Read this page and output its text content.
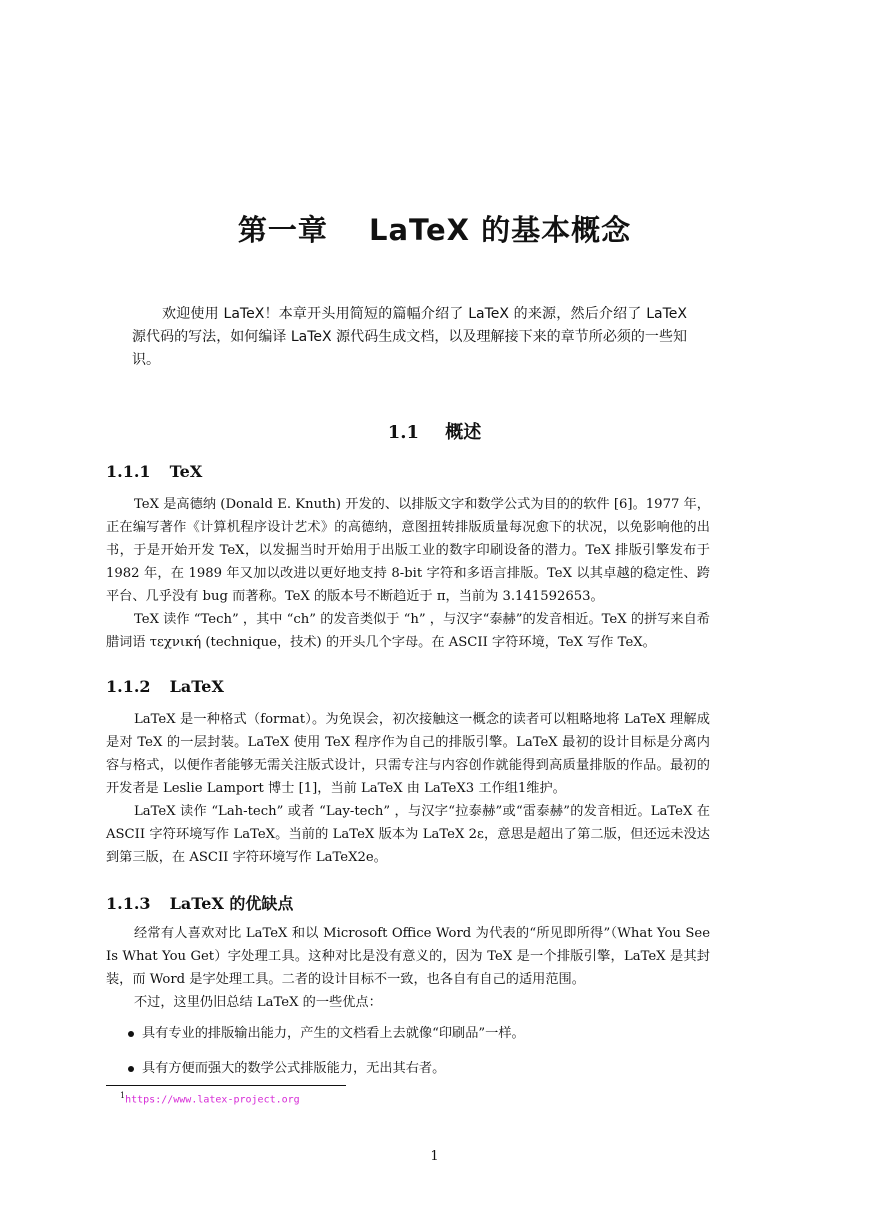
第一章 LaTeX 的基本概念
欢迎使用 LaTeX！本章开头用简短的篇幅介绍了 LaTeX 的来源，然后介绍了 LaTeX 源代码的写法，如何编译 LaTeX 源代码生成文档，以及理解接下来的章节所必须的一些知识。
1.1 概述
1.1.1 TeX

TeX 是高德纳 (Donald E. Knuth) 开发的、以排版文字和数学公式为目的的软件 [6]。1977 年，正在编写著作《计算机程序设计艺术》的高德纳，意图扭转排版质量每况愈下的状况，以免影响他的出书，于是开始开发 TeX，以发掘当时开始用于出版工业的数字印刷设备的潜力。TeX 排版引擎发布于 1982 年，在 1989 年又加以改进以更好地支持 8-bit 字符和多语言排版。TeX 以其卓越的稳定性、跨平台、几乎没有 bug 而著称。TeX 的版本号不断趋近于 π，当前为 3.141592653。

TeX 读作 “Tech” ，其中 “ch” 的发音类似于 “h” ，与汉字“泰赫”的发音相近。TeX 的拼写来自希腊词语 τεχνική (technique，技术) 的开头几个字母。在 ASCII 字符环境，TeX 写作 TeX。

1.1.2 LaTeX

LaTeX 是一种格式（format）。为免误会，初次接触这一概念的读者可以粗略地将 LaTeX 理解成是对 TeX 的一层封装。LaTeX 使用 TeX 程序作为自己的排版引擎。LaTeX 最初的设计目标是分离内容与格式，以便作者能够无需关注版式设计，只需专注与内容创作就能得到高质量排版的作品。最初的开发者是 Leslie Lamport 博士 [1]，当前 LaTeX 由 LaTeX3 工作组1维护。

LaTeX 读作 “Lah-tech” 或者 “Lay-tech” ，与汉字“拉泰赫”或“雷泰赫”的发音相近。LaTeX 在 ASCII 字符环境写作 LaTeX。当前的 LaTeX 版本为 LaTeX 2ε，意思是超出了第二版，但还远未没达到第三版，在 ASCII 字符环境写作 LaTeX2e。

1.1.3 LaTeX 的优缺点

经常有人喜欢对比 LaTeX 和以 Microsoft Office Word 为代表的“所见即所得”（What You See Is What You Get）字处理工具。这种对比是没有意义的，因为 TeX 是一个排版引擎，LaTeX 是其封装，而 Word 是字处理工具。二者的设计目标不一致，也各自有自己的适用范围。

不过，这里仍旧总结 LaTeX 的一些优点：

具有专业的排版输出能力，产生的文档看上去就像“印刷品”一样。
具有方便而强大的数学公式排版能力，无出其右者。
$^1$https://www.latex-project.org
1
